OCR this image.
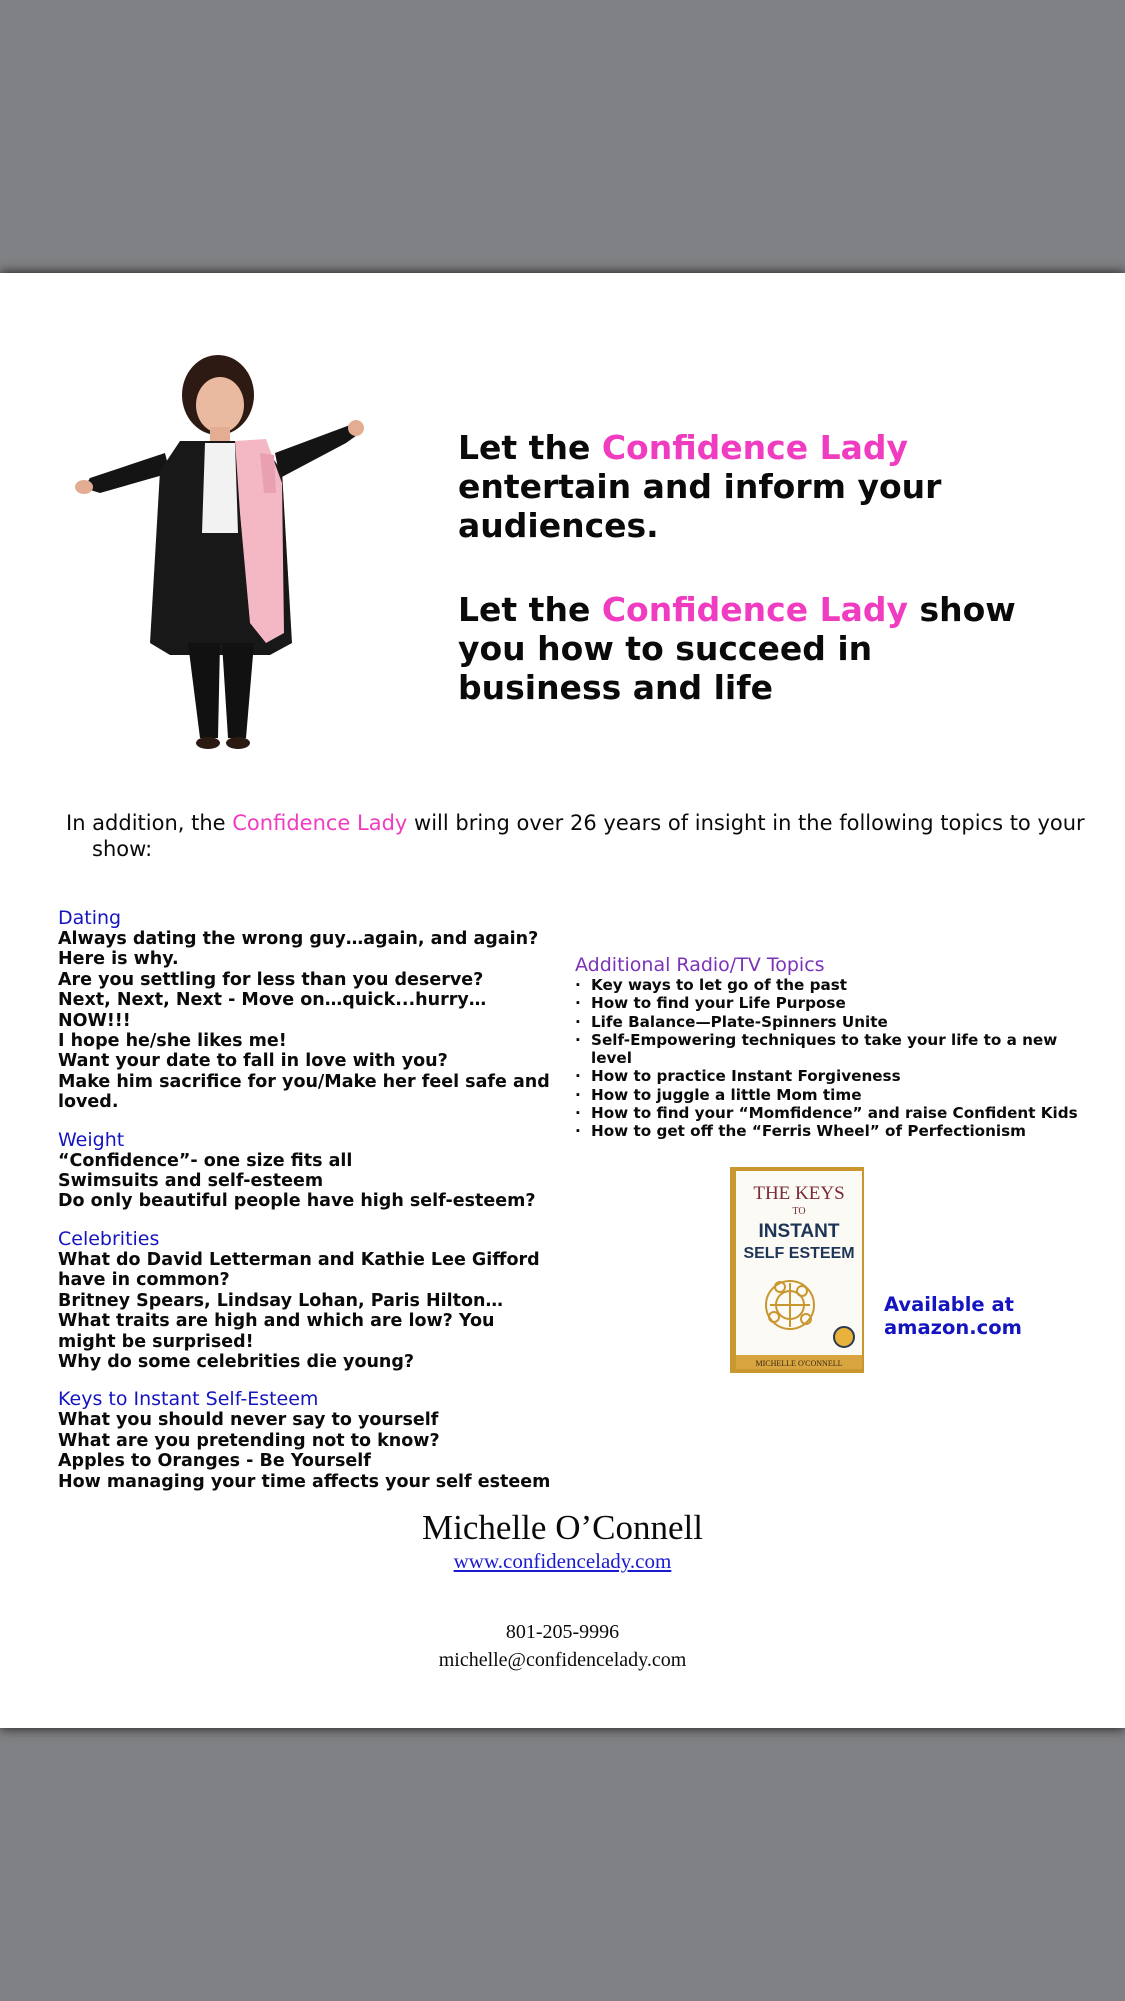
Let the Confidence Lady entertain and inform your audiences.

Let the Confidence Lady show you how to succeed in business and life

In addition, the Confidence Lady will bring over 26 years of insight in the following topics to your show:
Dating
Always dating the wrong guy…again, and again? Here is why.
Are you settling for less than you deserve?
Next, Next, Next - Move on…quick...hurry…NOW!!!
I hope he/she likes me!
Want your date to fall in love with you?
Make him sacrifice for you/Make her feel safe and loved.
Weight
“Confidence”- one size fits all
Swimsuits and self-esteem
Do only beautiful people have high self-esteem?
Celebrities
What do David Letterman and Kathie Lee Gifford have in common?
Britney Spears, Lindsay Lohan, Paris Hilton… What traits are high and which are low? You might be surprised!
Why do some celebrities die young?
Keys to Instant Self-Esteem
What you should never say to yourself
What are you pretending not to know?
Apples to Oranges - Be Yourself
How managing your time affects your self esteem
Additional Radio/TV Topics
· Key ways to let go of the past
· How to find your Life Purpose
· Life Balance—Plate-Spinners Unite
· Self-Empowering techniques to take your life to a new level
· How to practice Instant Forgiveness
· How to juggle a little Mom time
· How to find your “Momfidence” and raise Confident Kids
· How to get off the “Ferris Wheel” of Perfectionism
THE KEYS
TO
INSTANT
SELF ESTEEM
MICHELLE O'CONNELL
Available at
amazon.com
Michelle O’Connell
www.confidencelady.com
801-205-9996
michelle@confidencelady.com
